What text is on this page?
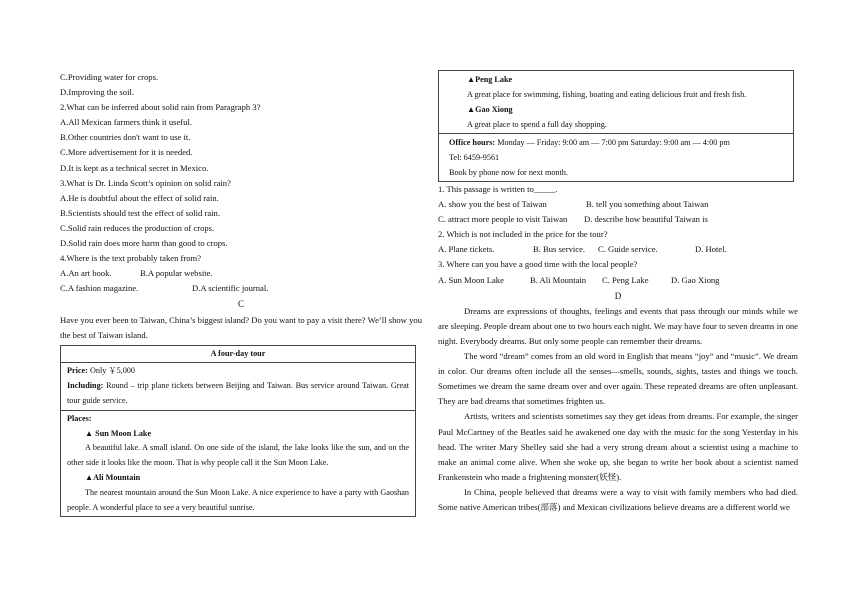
C.Providing water for crops.
D.Improving the soil.
2.What can be inferred about solid rain from Paragraph 3?
A.All Mexican farmers think it useful.
B.Other countries don't want to use it.
C.More advertisement for it is needed.
D.It is kept as a technical secret in Mexico.
3.What is Dr. Linda Scott’s opinion on solid rain?
A.He is doubtful about the effect of solid rain.
B.Scientists should test the effect of solid rain.
C.Solid rain reduces the production of crops.
D.Solid rain does more harm than good to crops.
4.Where is the text probably taken from?
A.An art book.	B.A popular website.
C.A fashion magazine.	D.A scientific journal.
C
Have you ever been to Taiwan, China’s biggest island? Do you want to pay a visit there? We’ll show you the best of Taiwan island.
A four-day tour

Price: Only ￥5,000
Including: Round – trip plane tickets between Beijing and Taiwan. Bus service around Taiwan. Great tour guide service.

Places:
▲ Sun Moon Lake
A beautiful lake. A small island. On one side of the island, the lake looks like the sun, and on the other side it looks like the moon. That is why people call it the Sun Moon Lake.
▲Ali Mountain
The nearest mountain around the Sun Moon Lake. A nice experience to have a party with Gaoshan people. A wonderful place to see a very beautiful sunrise.
▲Peng Lake
A great place for swimming, fishing, boating and eating delicious fruit and fresh fish.
▲Gao Xiong
A great place to spend a full day shopping.

Office hours: Monday — Friday: 9:00 am — 7:00 pm Saturday: 9:00 am — 4:00 pm
Tel: 6459-9561
Book by phone now for next month.
1. This passage is written to_____.
A. show you the best of Taiwan	B. tell you something about Taiwan
C. attract more people to visit Taiwan	D. describe how beautiful Taiwan is
2. Which is not included in the price for the tour?
A. Plane tickets.	B. Bus service.	C. Guide service.	D. Hotel.
3. Where can you have a good time with the local people?
A. Sun Moon Lake	B. Ali Mountain	C. Peng Lake	D. Gao Xiong
D
Dreams are expressions of thoughts, feelings and events that pass through our minds while we are sleeping. People dream about one to two hours each night. We may have four to seven dreams in one night. Everybody dreams. But only some people can remember their dreams.
The word “dream” comes from an old word in English that means “joy” and “music”. We dream in color. Our dreams often include all the senses—smells, sounds, sights, tastes and things we touch. Sometimes we dream the same dream over and over again. These repeated dreams are often unpleasant. They are bad dreams that sometimes frighten us.
Artists, writers and scientists sometimes say they get ideas from dreams. For example, the singer Paul McCartney of the Beatles said he awakened one day with the music for the song Yesterday in his head. The writer Mary Shelley said she had a very strong dream about a scientist using a machine to make an animal come alive. When she woke up, she began to write her book about a scientist named Frankenstein who made a frightening monster(妖怪).
In China, people believed that dreams were a way to visit with family members who had died. Some native American tribes(部落) and Mexican civilizations believe dreams are a different world we
